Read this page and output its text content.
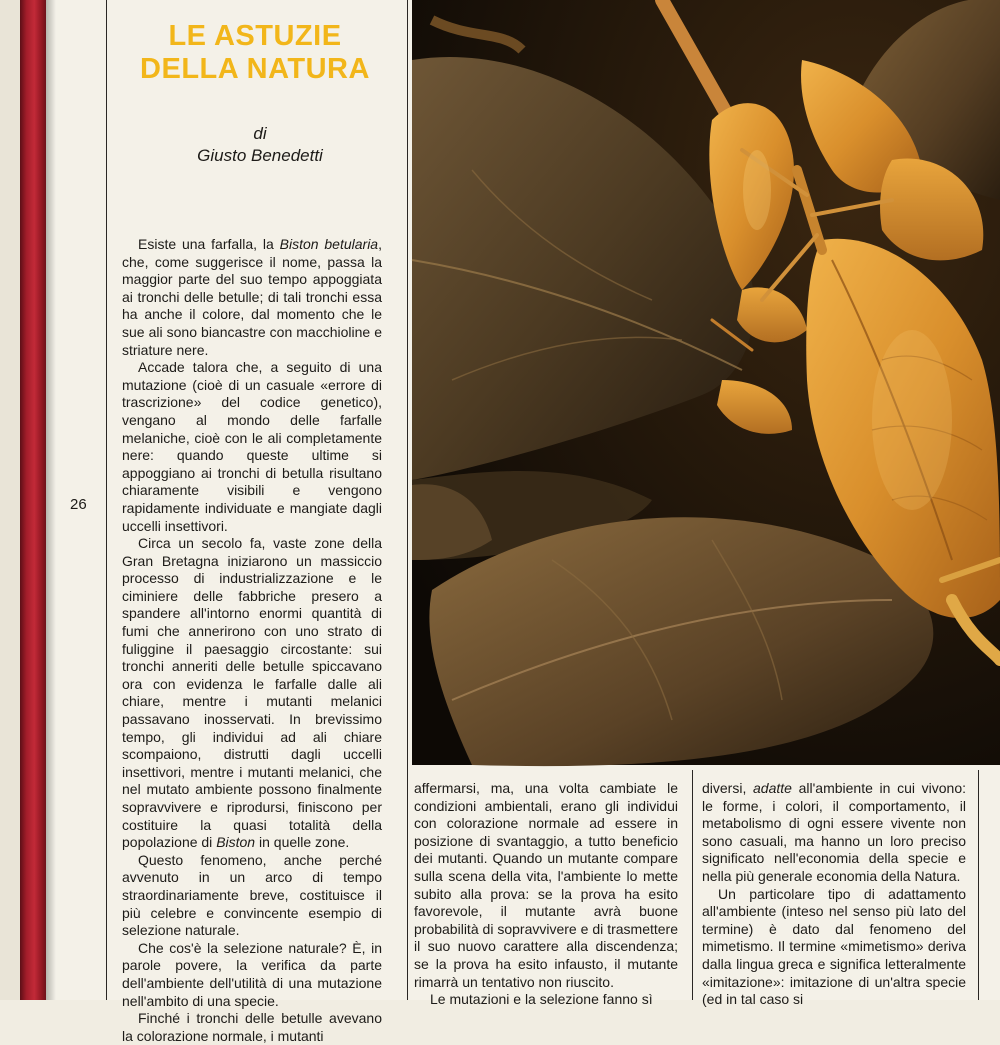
LE ASTUZIE
DELLA NATURA
di
Giusto Benedetti
26

Esiste una farfalla, la Biston betularia, che, come suggerisce il nome, passa la maggior parte del suo tempo appoggiata ai tronchi delle betulle; di tali tronchi essa ha anche il colore, dal momento che le sue ali sono biancastre con macchioline e striature nere.

Accade talora che, a seguito di una mutazione (cioè di un casuale «errore di trascrizione» del codice genetico), vengano al mondo delle farfalle melaniche, cioè con le ali completamente nere: quando queste ultime si appoggiano ai tronchi di betulla risultano chiaramente visibili e vengono rapidamente individuate e mangiate dagli uccelli insettivori.

Circa un secolo fa, vaste zone della Gran Bretagna iniziarono un massiccio processo di industrializzazione e le ciminiere delle fabbriche presero a spandere all'intorno enormi quantità di fumi che annerirono con uno strato di fuliggine il paesaggio circostante: sui tronchi anneriti delle betulle spiccavano ora con evidenza le farfalle dalle ali chiare, mentre i mutanti melanici passavano inosservati. In brevissimo tempo, gli individui ad ali chiare scompaiono, distrutti dagli uccelli insettivori, mentre i mutanti melanici, che nel mutato ambiente possono finalmente sopravvivere e riprodursi, finiscono per costituire la quasi totalità della popolazione di Biston in quelle zone.

Questo fenomeno, anche perché avvenuto in un arco di tempo straordinariamente breve, costituisce il più celebre e convincente esempio di selezione naturale.

Che cos'è la selezione naturale? È, in parole povere, la verifica da parte dell'ambiente dell'utilità di una mutazione nell'ambito di una specie.

Finché i tronchi delle betulle avevano la colorazione normale, i mutanti

affermarsi, ma, una volta cambiate le condizioni ambientali, erano gli individui con colorazione normale ad essere in posizione di svantaggio, a tutto beneficio dei mutanti. Quando un mutante compare sulla scena della vita, l'ambiente lo mette subito alla prova: se la prova ha esito favorevole, il mutante avrà buone probabilità di sopravvivere e di trasmettere il suo nuovo carattere alla discendenza; se la prova ha esito infausto, il mutante rimarrà un tentativo non riuscito.

Le mutazioni e la selezione fanno sì

diversi, adatte all'ambiente in cui vivono: le forme, i colori, il comportamento, il metabolismo di ogni essere vivente non sono casuali, ma hanno un loro preciso significato nell'economia della specie e nella più generale economia della Natura.

Un particolare tipo di adattamento all'ambiente (inteso nel senso più lato del termine) è dato dal fenomeno del mimetismo. Il termine «mimetismo» deriva dalla lingua greca e significa letteralmente «imitazione»: imitazione di un'altra specie (ed in tal caso si
